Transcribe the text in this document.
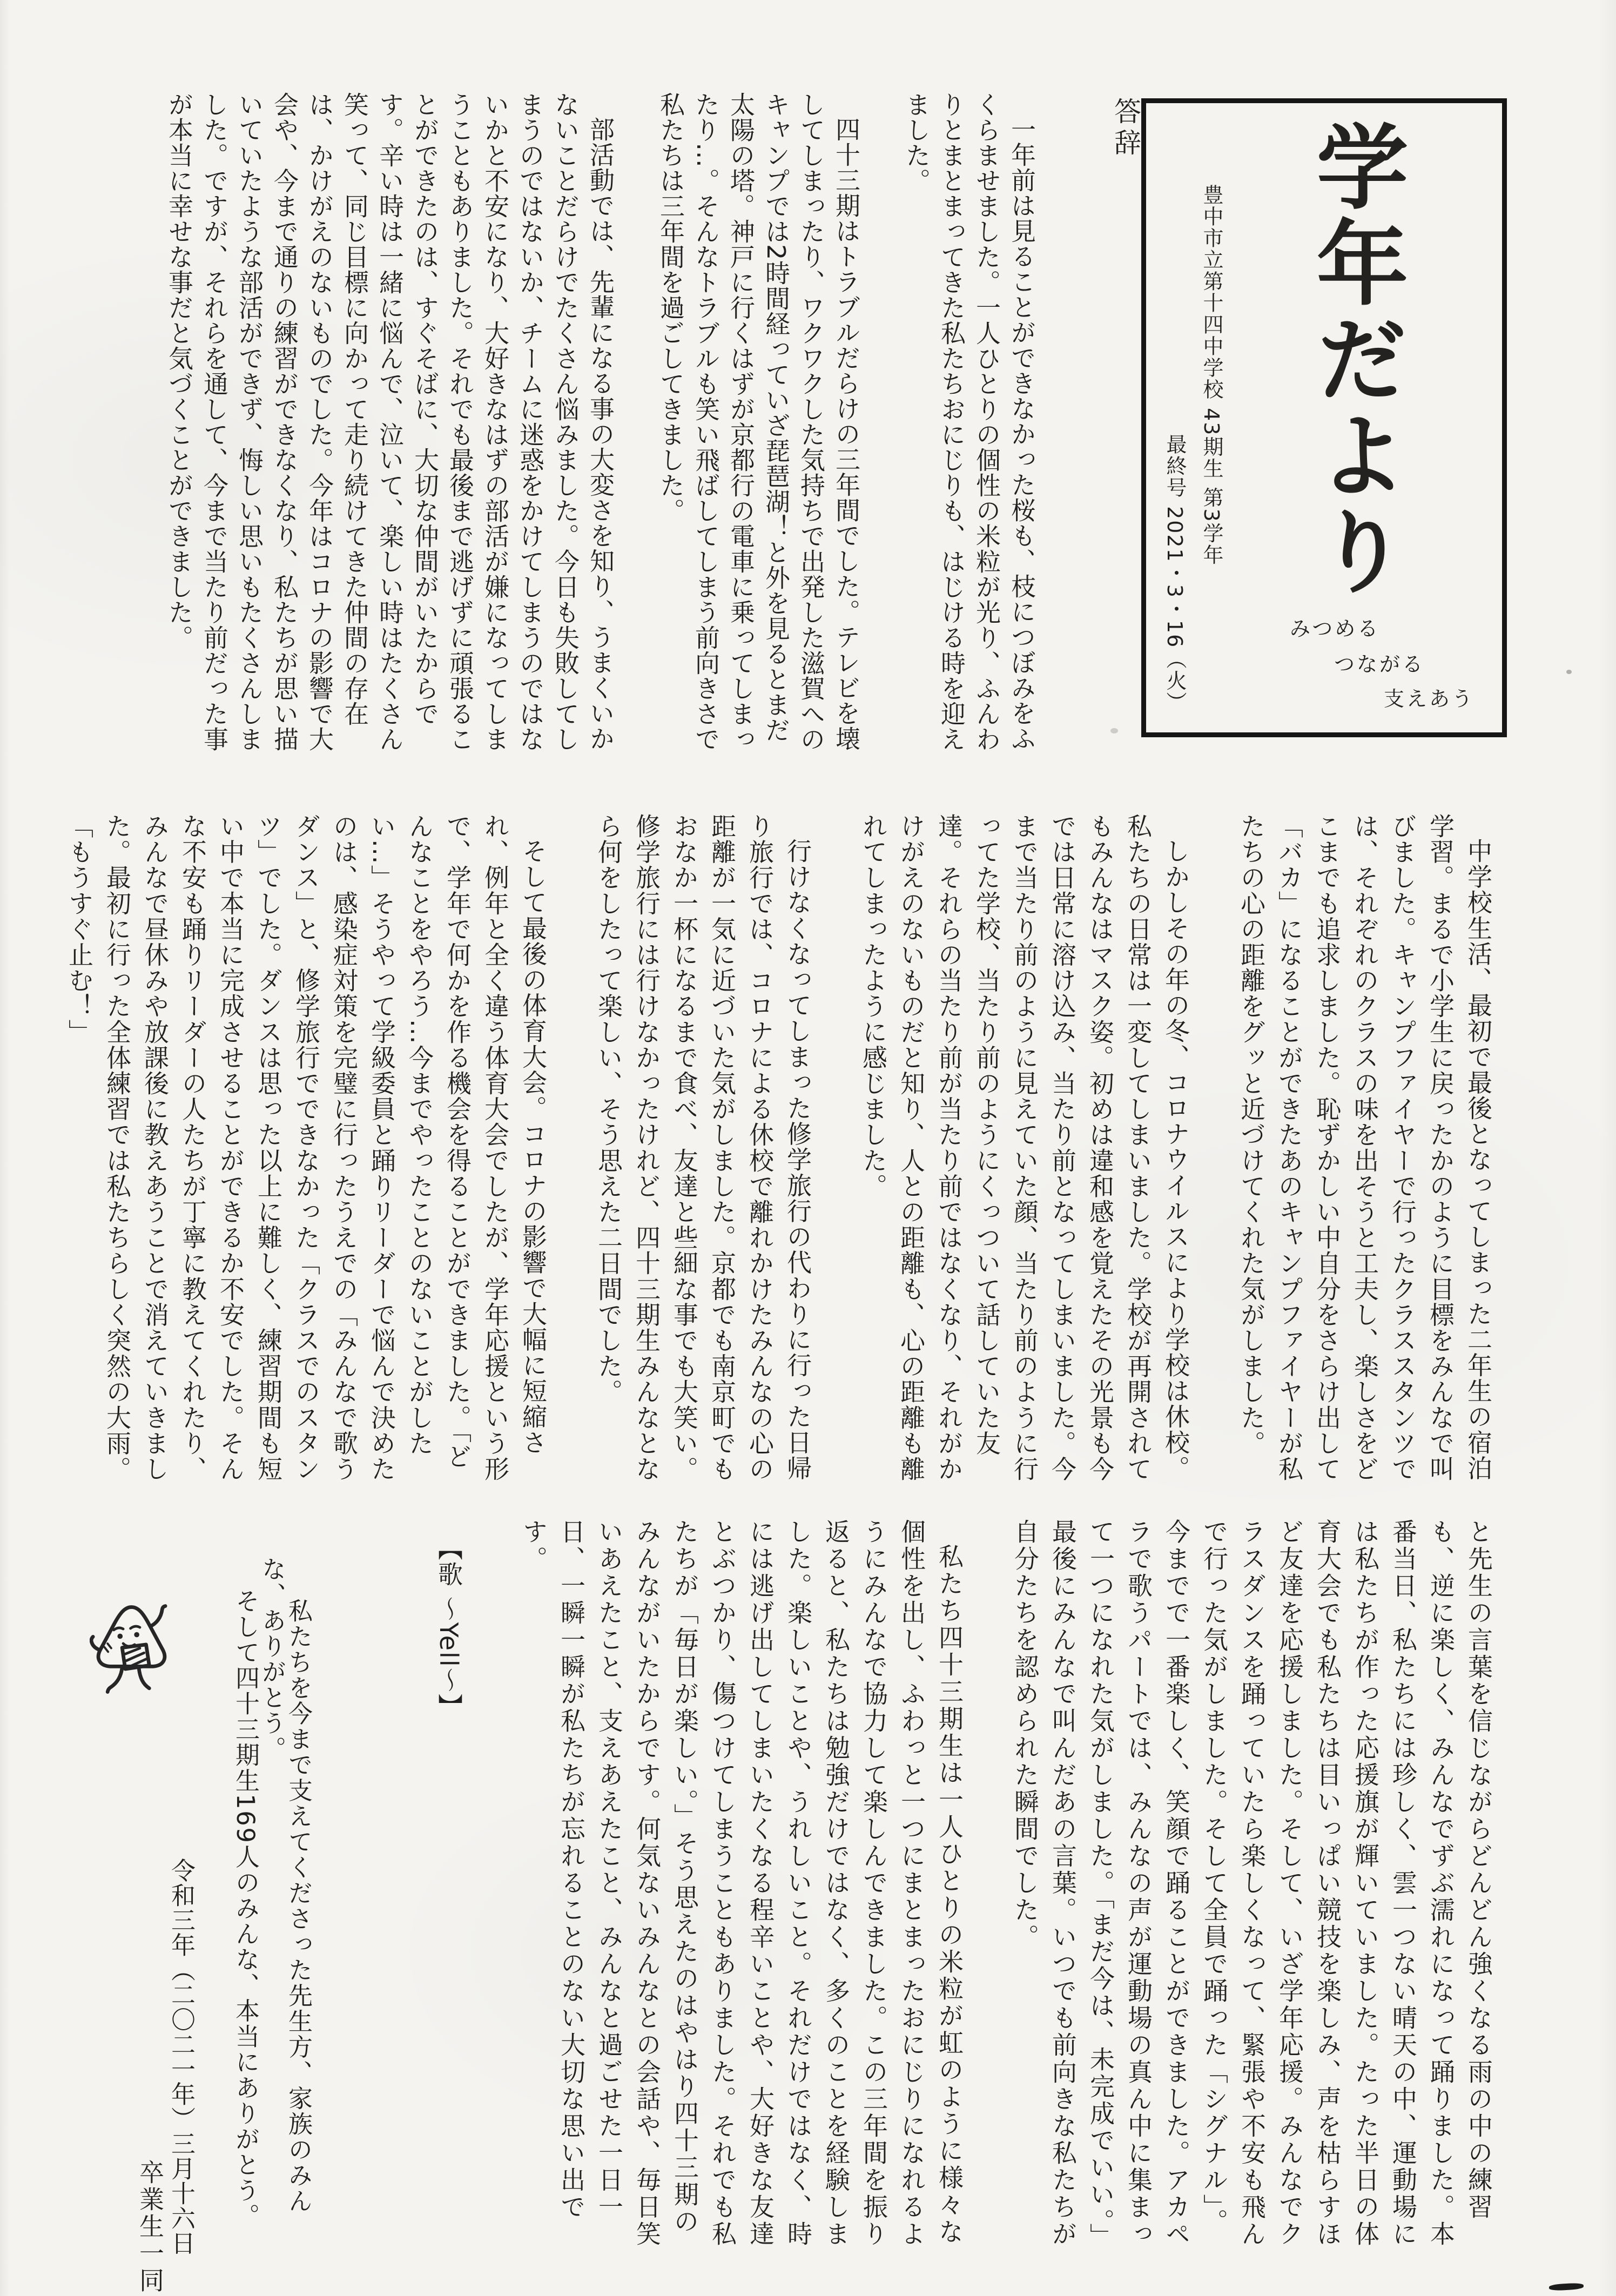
答辞 学年だより
豊中市立第十四中学校 43期生 第3学年
最終号 2021・3・16（火）	みつめる
つながる
支えあう

一年前は見ることができなかった桜も、枝につぼみをふくらませました。一人ひとりの個性の米粒が光り、ふんわりとまとまってきた私たちおにじりも、はじける時を迎えました。

四十三期はトラブルだらけの三年間でした。テレビを壊してしまったり、ワクワクした気持ちで出発した滋賀へのキャンプでは2時間経っていざ琵琶湖！と外を見るとまだ太陽の塔。神戸に行くはずが京都行の電車に乗ってしまったり…。そんなトラブルも笑い飛ばしてしまう前向きさで私たちは三年間を過ごしてきました。

部活動では、先輩になる事の大変さを知り、うまくいかないことだらけでたくさん悩みました。今日も失敗してしまうのではないか、チームに迷惑をかけてしまうのではないかと不安になり、大好きなはずの部活が嫌になってしまうこともありました。それでも最後まで逃げずに頑張ることができたのは、すぐそばに、大切な仲間がいたからです。辛い時は一緒に悩んで、泣いて、楽しい時はたくさん笑って、同じ目標に向かって走り続けてきた仲間の存在は、かけがえのないものでした。今年はコロナの影響で大会や、今まで通りの練習ができなくなり、私たちが思い描いていたような部活ができず、悔しい思いもたくさんしました。ですが、それらを通して、今まで当たり前だった事が本当に幸せな事だと気づくことができました。

中学校生活、最初で最後となってしまった二年生の宿泊学習。まるで小学生に戻ったかのように目標をみんなで叫びました。キャンプファイヤーで行ったクラススタンツでは、それぞれのクラスの味を出そうと工夫し、楽しさをどこまでも追求しました。恥ずかしい中自分をさらけ出して「バカ」になることができたあのキャンプファイヤーが私たちの心の距離をグッと近づけてくれた気がしました。

しかしその年の冬、コロナウイルスにより学校は休校。私たちの日常は一変してしまいました。学校が再開されてもみんなはマスク姿。初めは違和感を覚えたその光景も今では日常に溶け込み、当たり前となってしまいました。今まで当たり前のように見えていた顔、当たり前のように行ってた学校、当たり前のようにくっついて話していた友達。それらの当たり前が当たり前ではなくなり、それがかけがえのないものだと知り、人との距離も、心の距離も離れてしまったように感じました。

行けなくなってしまった修学旅行の代わりに行った日帰り旅行では、コロナによる休校で離れかけたみんなの心の距離が一気に近づいた気がしました。京都でも南京町でもおなか一杯になるまで食べ、友達と些細な事でも大笑い。修学旅行には行けなかったけれど、四十三期生みんなとなら何をしたって楽しい、そう思えた二日間でした。

そして最後の体育大会。コロナの影響で大幅に短縮され、例年と全く違う体育大会でしたが、学年応援という形で、学年で何かを作る機会を得ることができました。「どんなことをやろう…今までやったことのないことがしたい…」そうやって学級委員と踊りリーダーで悩んで決めたのは、感染症対策を完璧に行ったうえでの「みんなで歌うダンス」と、修学旅行でできなかった「クラスでのスタンツ」でした。ダンスは思った以上に難しく、練習期間も短い中で本当に完成させることができるか不安でした。そんな不安も踊りリーダーの人たちが丁寧に教えてくれたり、みんなで昼休みや放課後に教えあうことで消えていきました。最初に行った全体練習では私たちらしく突然の大雨。「もうすぐ止む！」

と先生の言葉を信じながらどんどん強くなる雨の中の練習も、逆に楽しく、みんなでずぶ濡れになって踊りました。本番当日、私たちには珍しく、雲一つない晴天の中、運動場には私たちが作った応援旗が輝いていました。たった半日の体育大会でも私たちは目いっぱい競技を楽しみ、声を枯らすほど友達を応援しました。そして、いざ学年応援。みんなでクラスダンスを踊っていたら楽しくなって、緊張や不安も飛んで行った気がしました。そして全員で踊った「シグナル」。今までで一番楽しく、笑顔で踊ることができました。アカペラで歌うパートでは、みんなの声が運動場の真ん中に集まって一つになれた気がしました。「まだ今は、未完成でいい。」最後にみんなで叫んだあの言葉。いつでも前向きな私たちが自分たちを認められた瞬間でした。

私たち四十三期生は一人ひとりの米粒が虹のように様々な個性を出し、ふわっと一つにまとまったおにじりになれるようにみんなで協力して楽しんできました。この三年間を振り返ると、私たちは勉強だけではなく、多くのことを経験しました。楽しいことや、うれしいこと。それだけではなく、時には逃げ出してしまいたくなる程辛いことや、大好きな友達とぶつかり、傷つけてしまうこともありました。それでも私たちが「毎日が楽しい。」そう思えたのはやはり四十三期のみんながいたからです。何気ないみんなとの会話や、毎日笑いあえたこと、支えあえたこと、みんなと過ごせた一日一日、一瞬一瞬が私たちが忘れることのない大切な思い出です。

【歌 〜Yell〜】

私たちを今まで支えてくださった先生方、家族のみんな、ありがとう。

そして四十三期生169人のみんな、本当にありがとう。

令和三年（二〇二一年）三月十六日
卒業生一同
